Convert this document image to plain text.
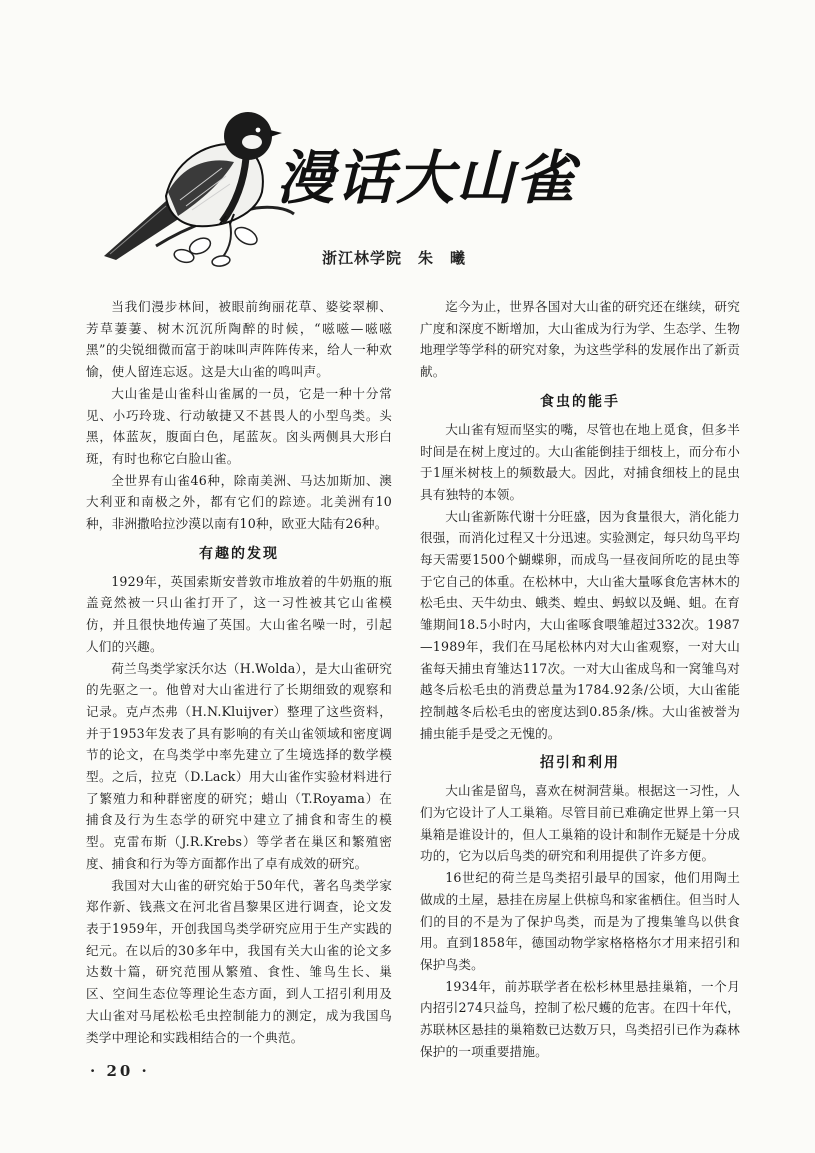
漫话大山雀
浙江林学院　朱　曦

当我们漫步林间，被眼前绚丽花草、婆娑翠柳、芳草萋萋、树木沉沉所陶醉的时候，“嗞嗞—嗞嗞黑”的尖锐细微而富于韵味叫声阵阵传来，给人一种欢愉，使人留连忘返。这是大山雀的鸣叫声。

大山雀是山雀科山雀属的一员，它是一种十分常见、小巧玲珑、行动敏捷又不甚畏人的小型鸟类。头黑，体蓝灰，腹面白色，尾蓝灰。囟头两侧具大形白斑，有时也称它白脸山雀。

全世界有山雀46种，除南美洲、马达加斯加、澳大利亚和南极之外，都有它们的踪迹。北美洲有10种，非洲撒哈拉沙漠以南有10种，欧亚大陆有26种。

有趣的发现

1929年，英国索斯安普敦市堆放着的牛奶瓶的瓶盖竟然被一只山雀打开了，这一习性被其它山雀模仿，并且很快地传遍了英国。大山雀名噪一时，引起人们的兴趣。

荷兰鸟类学家沃尔达（H.Wolda），是大山雀研究的先驱之一。他曾对大山雀进行了长期细致的观察和记录。克卢杰弗（H.N.Kluijver）整理了这些资料，并于1953年发表了具有影响的有关山雀领域和密度调节的论文，在鸟类学中率先建立了生境选择的数学模型。之后，拉克（D.Lack）用大山雀作实验材料进行了繁殖力和种群密度的研究；蜡山（T.Royama）在捕食及行为生态学的研究中建立了捕食和寄生的模型。克雷布斯（J.R.Krebs）等学者在巢区和繁殖密度、捕食和行为等方面都作出了卓有成效的研究。

我国对大山雀的研究始于50年代，著名鸟类学家郑作新、钱燕文在河北省昌黎果区进行调查，论文发表于1959年，开创我国鸟类学研究应用于生产实践的纪元。在以后的30多年中，我国有关大山雀的论文多达数十篇，研究范围从繁殖、食性、雏鸟生长、巢区、空间生态位等理论生态方面，到人工招引利用及大山雀对马尾松松毛虫控制能力的测定，成为我国鸟类学中理论和实践相结合的一个典范。

迄今为止，世界各国对大山雀的研究还在继续，研究广度和深度不断增加，大山雀成为行为学、生态学、生物地理学等学科的研究对象，为这些学科的发展作出了新贡献。

食虫的能手

大山雀有短而坚实的嘴，尽管也在地上觅食，但多半时间是在树上度过的。大山雀能倒挂于细枝上，而分布小于1厘米树枝上的频数最大。因此，对捕食细枝上的昆虫具有独特的本领。

大山雀新陈代谢十分旺盛，因为食量很大，消化能力很强，而消化过程又十分迅速。实验测定，每只幼鸟平均每天需要1500个蝴蝶卵，而成鸟一昼夜间所吃的昆虫等于它自己的体重。在松林中，大山雀大量啄食危害林木的松毛虫、天牛幼虫、蛾类、蝗虫、蚂蚁以及蝇、蛆。在育雏期间18.5小时内，大山雀啄食喂雏超过332次。1987—1989年，我们在马尾松林内对大山雀观察，一对大山雀每天捕虫育雏达117次。一对大山雀成鸟和一窝雏鸟对越冬后松毛虫的消费总量为1784.92条/公顷，大山雀能控制越冬后松毛虫的密度达到0.85条/株。大山雀被誉为捕虫能手是受之无愧的。

招引和利用

大山雀是留鸟，喜欢在树洞营巢。根据这一习性，人们为它设计了人工巢箱。尽管目前已难确定世界上第一只巢箱是谁设计的，但人工巢箱的设计和制作无疑是十分成功的，它为以后鸟类的研究和利用提供了许多方便。

16世纪的荷兰是鸟类招引最早的国家，他们用陶土做成的土屋，悬挂在房屋上供椋鸟和家雀栖住。但当时人们的目的不是为了保护鸟类，而是为了搜集雏鸟以供食用。直到1858年，德国动物学家格格格尔才用来招引和保护鸟类。

1934年，前苏联学者在松杉林里悬挂巢箱，一个月内招引274只益鸟，控制了松尺蠖的危害。在四十年代，苏联林区悬挂的巢箱数已达数万只，鸟类招引已作为森林保护的一项重要措施。

· 20 ·
